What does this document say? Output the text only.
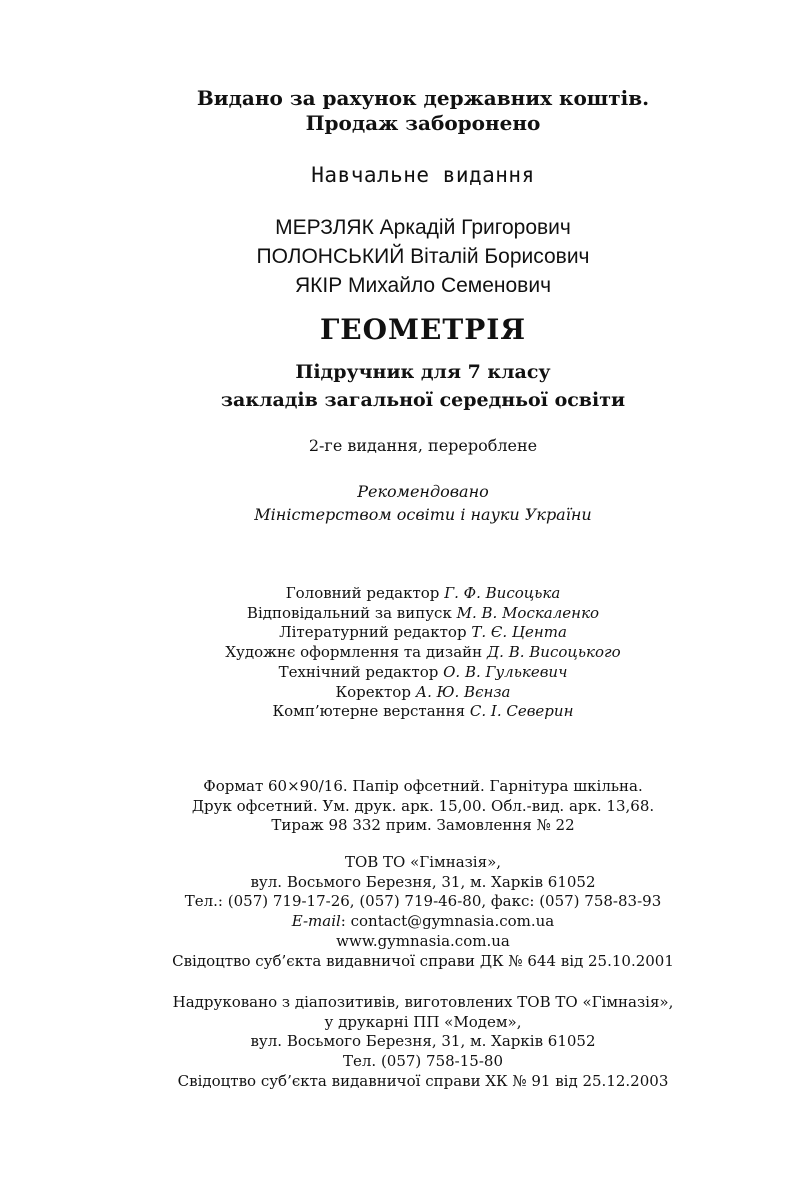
Видано за рахунок державних коштів.
Продаж заборонено
Навчальне видання
МЕРЗЛЯК Аркадій Григорович
ПОЛОНСЬКИЙ Віталій Борисович
ЯКІР Михайло Семенович
ГЕОМЕТРІЯ
Підручник для 7 класу
закладів загальної середньої освіти
2-ге видання, перероблене
Рекомендовано
Міністерством освіти і науки України
Головний редактор Г. Ф. Висоцька
Відповідальний за випуск М. В. Москаленко
Літературний редактор Т. Є. Цента
Художнє оформлення та дизайн Д. В. Висоцького
Технічний редактор О. В. Гулькевич
Коректор А. Ю. Вєнза
Комп’ютерне верстання С. І. Северин
Формат 60×90/16. Папір офсетний. Гарнітура шкільна.
Друк офсетний. Ум. друк. арк. 15,00. Обл.-вид. арк. 13,68.
Тираж 98 332 прим. Замовлення № 22
ТОВ ТО «Гімназія»,
вул. Восьмого Березня, 31, м. Харків 61052
Тел.: (057) 719-17-26, (057) 719-46-80, факс: (057) 758-83-93
E-mail: contact@gymnasia.com.ua
www.gymnasia.com.ua
Свідоцтво суб’єкта видавничої справи ДК № 644 від 25.10.2001
Надруковано з діапозитивів, виготовлених ТОВ ТО «Гімназія»,
у друкарні ПП «Модем»,
вул. Восьмого Березня, 31, м. Харків 61052
Тел. (057) 758-15-80
Свідоцтво суб’єкта видавничої справи ХК № 91 від 25.12.2003
